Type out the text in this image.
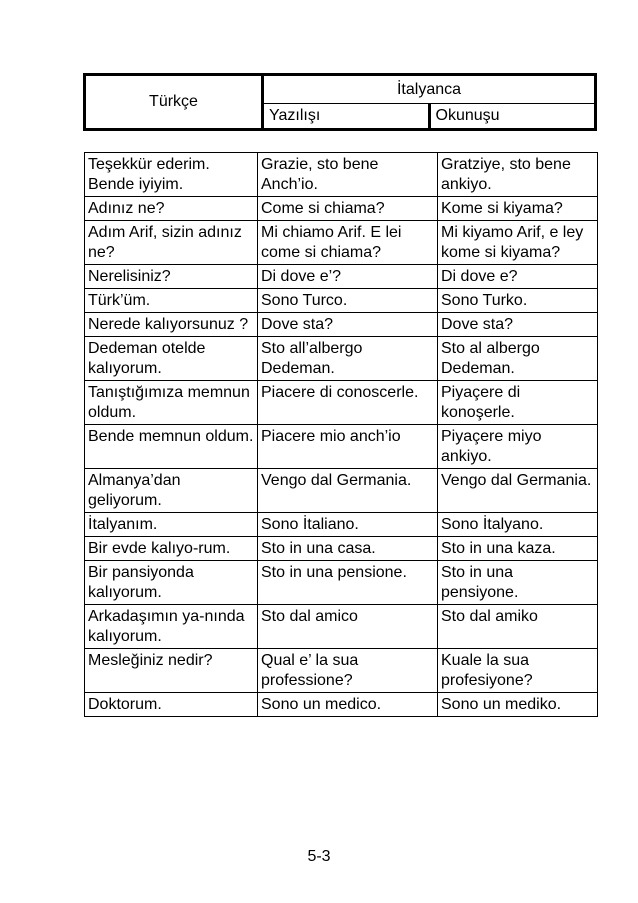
Türkçe	İtalyanca	
	Yazılışı	Okunuşu
Teşekkür ederim. Bende iyiyim.	Grazie, sto bene Anch’io.	Gratziye, sto bene ankiyo.
Adınız ne?	Come si chiama?	Kome si kiyama?
Adım Arif, sizin adınız ne?	Mi chiamo Arif. E lei come si chiama?	Mi kiyamo Arif, e ley kome si kiyama?
Nerelisiniz?	Di dove e’?	Di dove e?
Türk’üm.	Sono Turco.	Sono Turko.
Nerede kalıyorsunuz ?	Dove sta?	Dove sta?
Dedeman otelde kalıyorum.	Sto all’albergo Dedeman.	Sto al albergo Dedeman.
Tanıştığımıza memnun oldum.	Piacere di conoscerle.	Piyaçere di konoşerle.
Bende memnun oldum.	Piacere mio anch’io	Piyaçere miyo ankiyo.
Almanya’dan geliyorum.	Vengo dal Germania.	Vengo dal Germania.
İtalyanım.	Sono İtaliano.	Sono İtalyano.
Bir evde kalıyo-rum.	Sto in una casa.	Sto in una kaza.
Bir pansiyonda kalıyorum.	Sto in una pensione.	Sto in una pensiyone.
Arkadaşımın ya-nında kalıyorum.	Sto dal amico	Sto dal amiko
Mesleğiniz nedir?	Qual e’ la sua professione?	Kuale la sua profesiyone?
Doktorum.	Sono un medico.	Sono un mediko.
5-3
